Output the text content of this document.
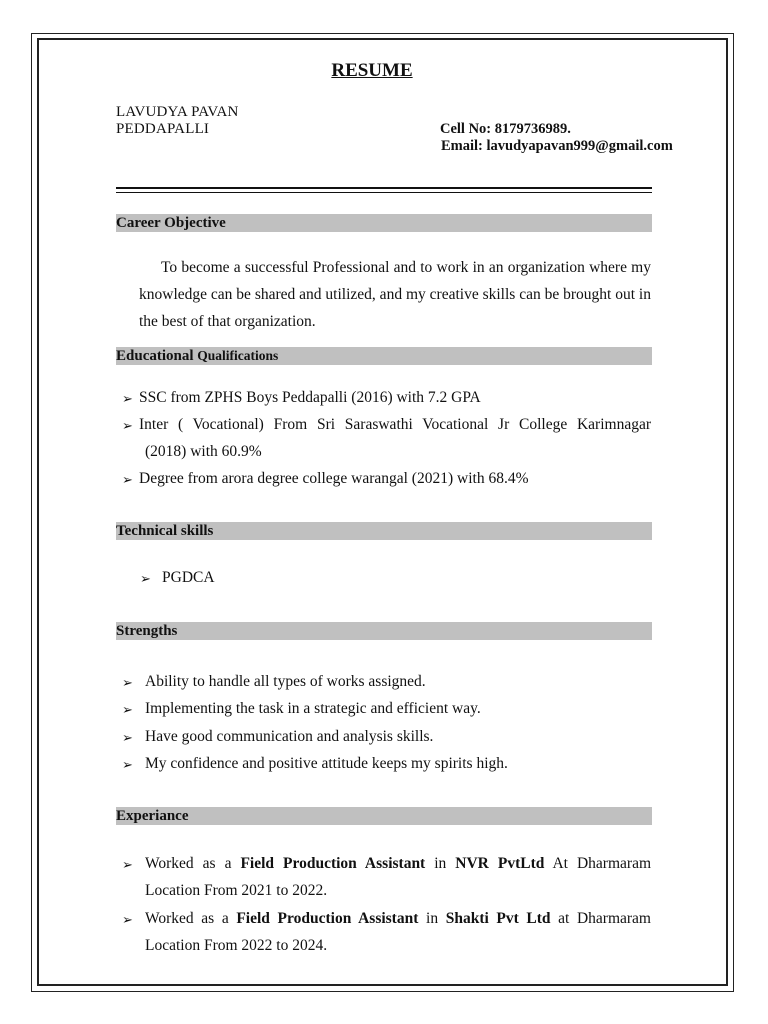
RESUME
LAVUDYA PAVAN
PEDDAPALLI	Cell No: 8179736989.
Email: lavudyapavan999@gmail.com
Career Objective
To become a successful Professional and to work in an organization where my knowledge can be shared and utilized, and my creative skills can be brought out in the best of that organization.
Educational Qualifications
➢ SSC from ZPHS Boys Peddapalli (2016) with 7.2 GPA
➢ Inter ( Vocational) From Sri Saraswathi Vocational Jr College Karimnagar
(2018) with 60.9%
➢ Degree from arora degree college warangal (2021) with 68.4%
Technical skills
➢ PGDCA
Strengths
➢ Ability to handle all types of works assigned.
➢ Implementing the task in a strategic and efficient way.
➢ Have good communication and analysis skills.
➢ My confidence and positive attitude keeps my spirits high.
Experiance
➢ Worked as a Field Production Assistant in NVR PvtLtd At Dharmaram
Location From 2021 to 2022.
➢ Worked as a Field Production Assistant in Shakti Pvt Ltd at Dharmaram
Location From 2022 to 2024.
